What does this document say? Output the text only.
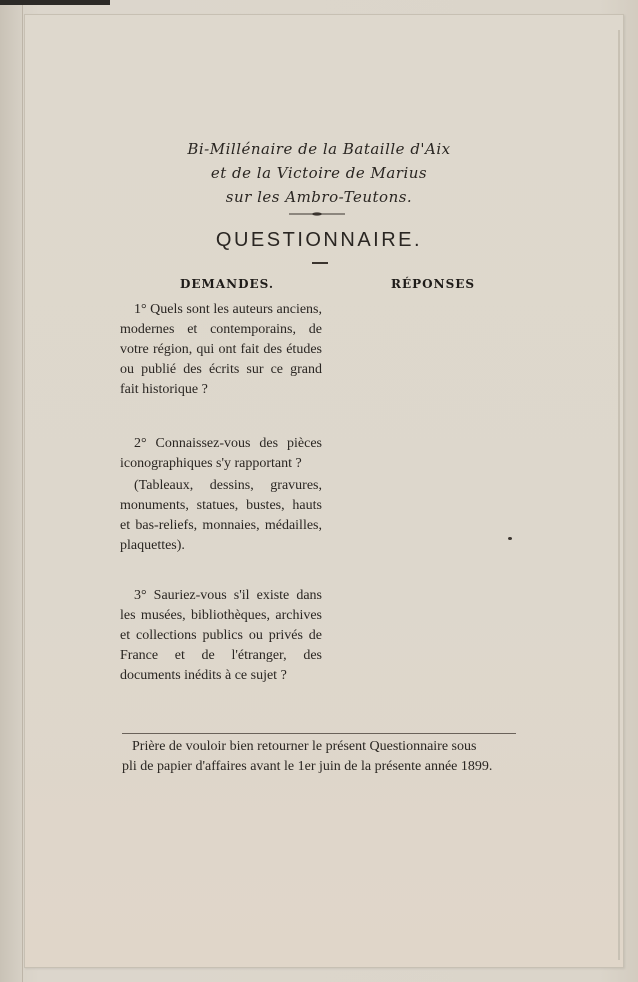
Bi-Millénaire de la Bataille d'Aix
et de la Victoire de Marius
sur les Ambro-Teutons.
QUESTIONNAIRE.
DEMANDES.	RÉPONSES

1° Quels sont les auteurs anciens, modernes et contemporains, de votre région, qui ont fait des études ou publié des écrits sur ce grand fait historique ?

2° Connaissez-vous des pièces iconographiques s'y rapportant ?

(Tableaux, dessins, gravures, monuments, statues, bustes, hauts et bas-reliefs, monnaies, médailles, plaquettes).

3° Sauriez-vous s'il existe dans les musées, bibliothèques, archives et collections publics ou privés de France et de l'étranger, des documents inédits à ce sujet ?

Prière de vouloir bien retourner le présent Questionnaire sous

pli de papier d'affaires avant le 1er juin de la présente année 1899.
